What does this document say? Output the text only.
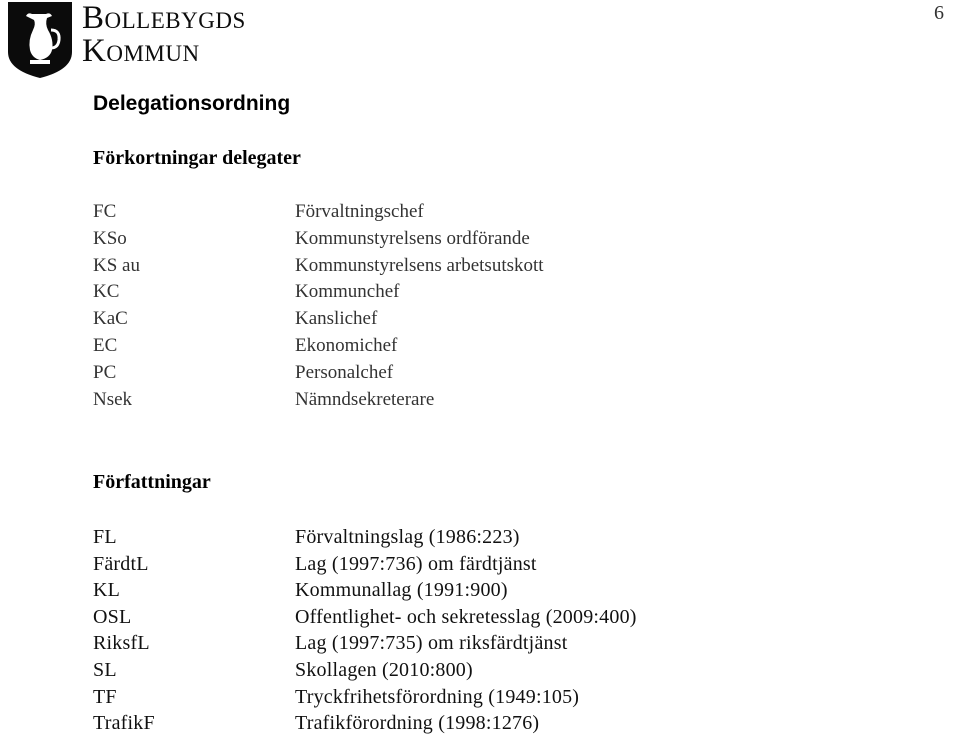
6
Bollebygds
Kommun
Delegationsordning
Förkortningar delegater
FC	Förvaltningschef
KSo	Kommunstyrelsens ordförande
KS au	Kommunstyrelsens arbetsutskott
KC	Kommunchef
KaC	Kanslichef
EC	Ekonomichef
PC	Personalchef
Nsek	Nämndsekreterare
Författningar
FL	Förvaltningslag (1986:223)
FärdtL	Lag (1997:736) om färdtjänst
KL	Kommunallag (1991:900)
OSL	Offentlighet- och sekretesslag (2009:400)
RiksfL	Lag (1997:735) om riksfärdtjänst
SL	Skollagen (2010:800)
TF	Tryckfrihetsförordning (1949:105)
TrafikF	Trafikförordning (1998:1276)
